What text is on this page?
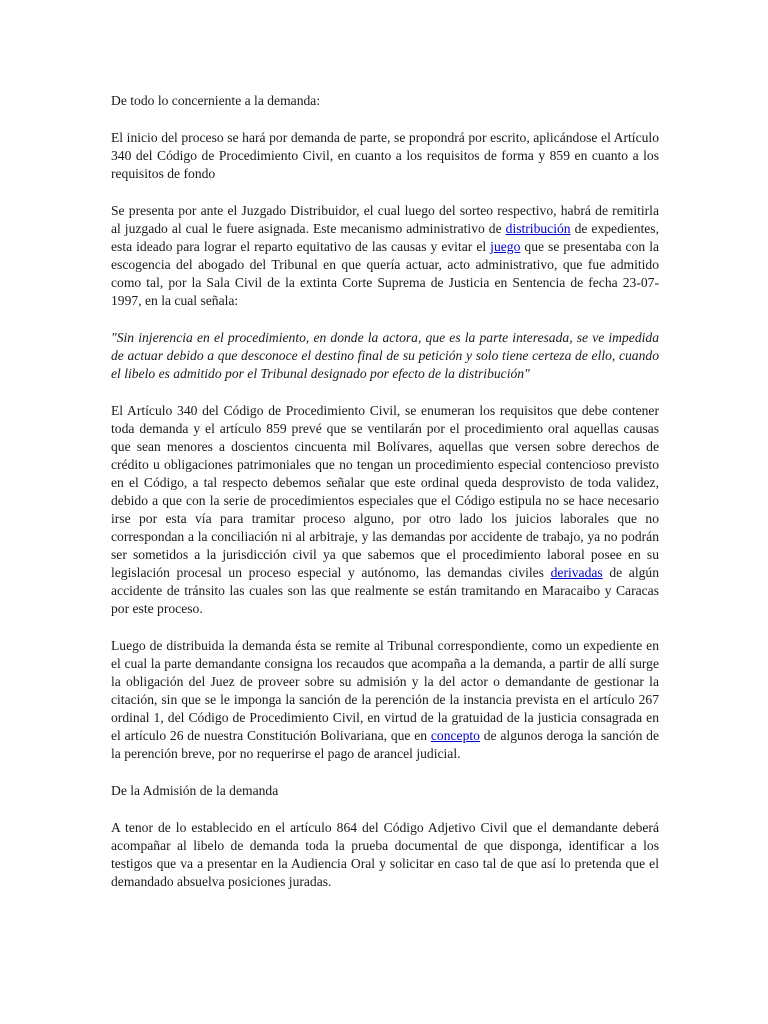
De todo lo concerniente a la demanda:

El inicio del proceso se hará por demanda de parte, se propondrá por escrito, aplicándose el Artículo 340 del Código de Procedimiento Civil, en cuanto a los requisitos de forma y 859 en cuanto a los requisitos de fondo

Se presenta por ante el Juzgado Distribuidor, el cual luego del sorteo respectivo, habrá de remitirla al juzgado al cual le fuere asignada. Este mecanismo administrativo de distribución de expedientes, esta ideado para lograr el reparto equitativo de las causas y evitar el juego que se presentaba con la escogencia del abogado del Tribunal en que quería actuar, acto administrativo, que fue admitido como tal, por la Sala Civil de la extinta Corte Suprema de Justicia en Sentencia de fecha 23-07-1997, en la cual señala:

"Sin injerencia en el procedimiento, en donde la actora, que es la parte interesada, se ve impedida de actuar debido a que desconoce el destino final de su petición y solo tiene certeza de ello, cuando el libelo es admitido por el Tribunal designado por efecto de la distribución"

El Artículo 340 del Código de Procedimiento Civil, se enumeran los requisitos que debe contener toda demanda y el artículo 859 prevé que se ventilarán por el procedimiento oral aquellas causas que sean menores a doscientos cincuenta mil Bolívares, aquellas que versen sobre derechos de crédito u obligaciones patrimoniales que no tengan un procedimiento especial contencioso previsto en el Código, a tal respecto debemos señalar que este ordinal queda desprovisto de toda validez, debido a que con la serie de procedimientos especiales que el Código estipula no se hace necesario irse por esta vía para tramitar proceso alguno, por otro lado los juicios laborales que no correspondan a la conciliación ni al arbitraje, y las demandas por accidente de trabajo, ya no podrán ser sometidos a la jurisdicción civil ya que sabemos que el procedimiento laboral posee en su legislación procesal un proceso especial y autónomo, las demandas civiles derivadas de algún accidente de tránsito las cuales son las que realmente se están tramitando en Maracaibo y Caracas por este proceso.

Luego de distribuida la demanda ésta se remite al Tribunal correspondiente, como un expediente en el cual la parte demandante consigna los recaudos que acompaña a la demanda, a partir de allí surge la obligación del Juez de proveer sobre su admisión y la del actor o demandante de gestionar la citación, sin que se le imponga la sanción de la perención de la instancia prevista en el artículo 267 ordinal 1, del Código de Procedimiento Civil, en virtud de la gratuidad de la justicia consagrada en el artículo 26 de nuestra Constitución Bolivariana, que en concepto de algunos deroga la sanción de la perención breve, por no requerirse el pago de arancel judicial.

De la Admisión de la demanda

A tenor de lo establecido en el artículo 864 del Código Adjetivo Civil que el demandante deberá acompañar al libelo de demanda toda la prueba documental de que disponga, identificar a los testigos que va a presentar en la Audiencia Oral y solicitar en caso tal de que así lo pretenda que el demandado absuelva posiciones juradas.
